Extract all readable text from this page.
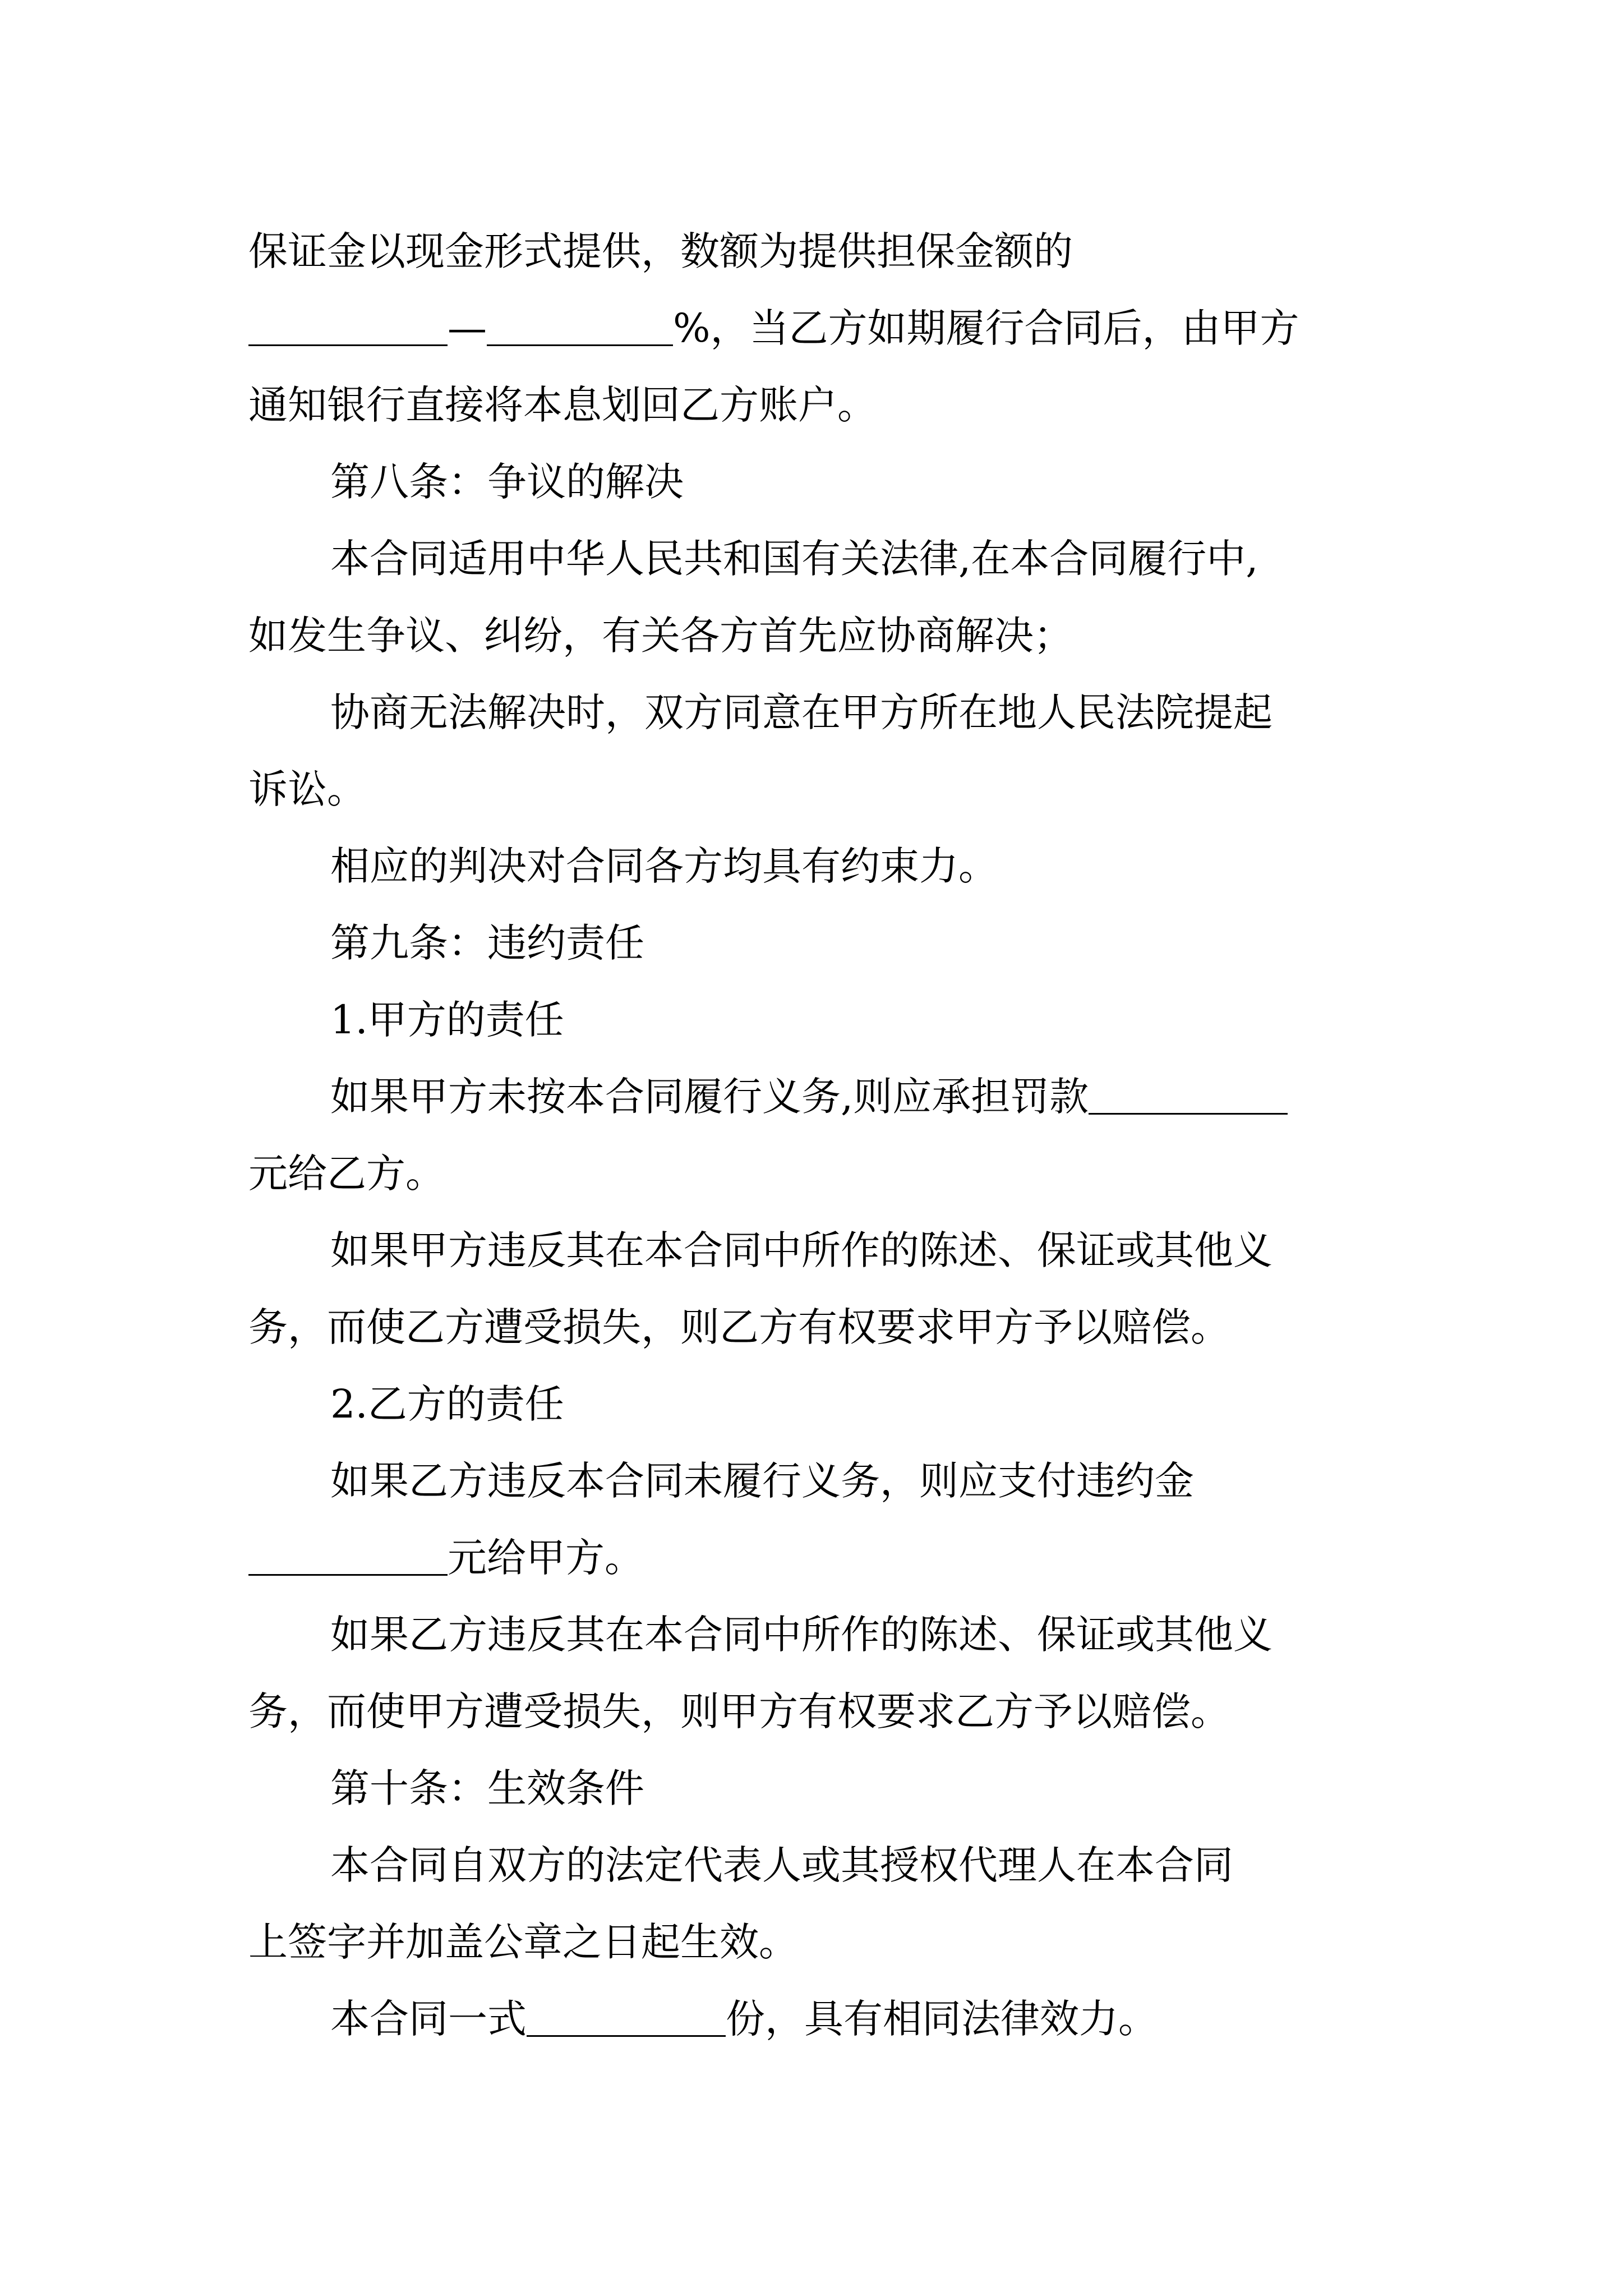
保证金以现金形式提供，数额为提供担保金额的
—	%，当乙方如期履行合同后，由甲方
通知银行直接将本息划回乙方账户。
第八条：争议的解决
本合同适用中华人民共和国有关法律,在本合同履行中,
如发生争议、纠纷，有关各方首先应协商解决；
协商无法解决时，双方同意在甲方所在地人民法院提起
诉讼。
相应的判决对合同各方均具有约束力。
第九条：违约责任
1.甲方的责任
如果甲方未按本合同履行义务,则应承担罚款
元给乙方。
如果甲方违反其在本合同中所作的陈述、保证或其他义
务，而使乙方遭受损失，则乙方有权要求甲方予以赔偿。
2.乙方的责任
如果乙方违反本合同未履行义务，则应支付违约金
元给甲方。
如果乙方违反其在本合同中所作的陈述、保证或其他义
务，而使甲方遭受损失，则甲方有权要求乙方予以赔偿。
第十条：生效条件
本合同自双方的法定代表人或其授权代理人在本合同
上签字并加盖公章之日起生效。
本合同一式	份，具有相同法律效力。
